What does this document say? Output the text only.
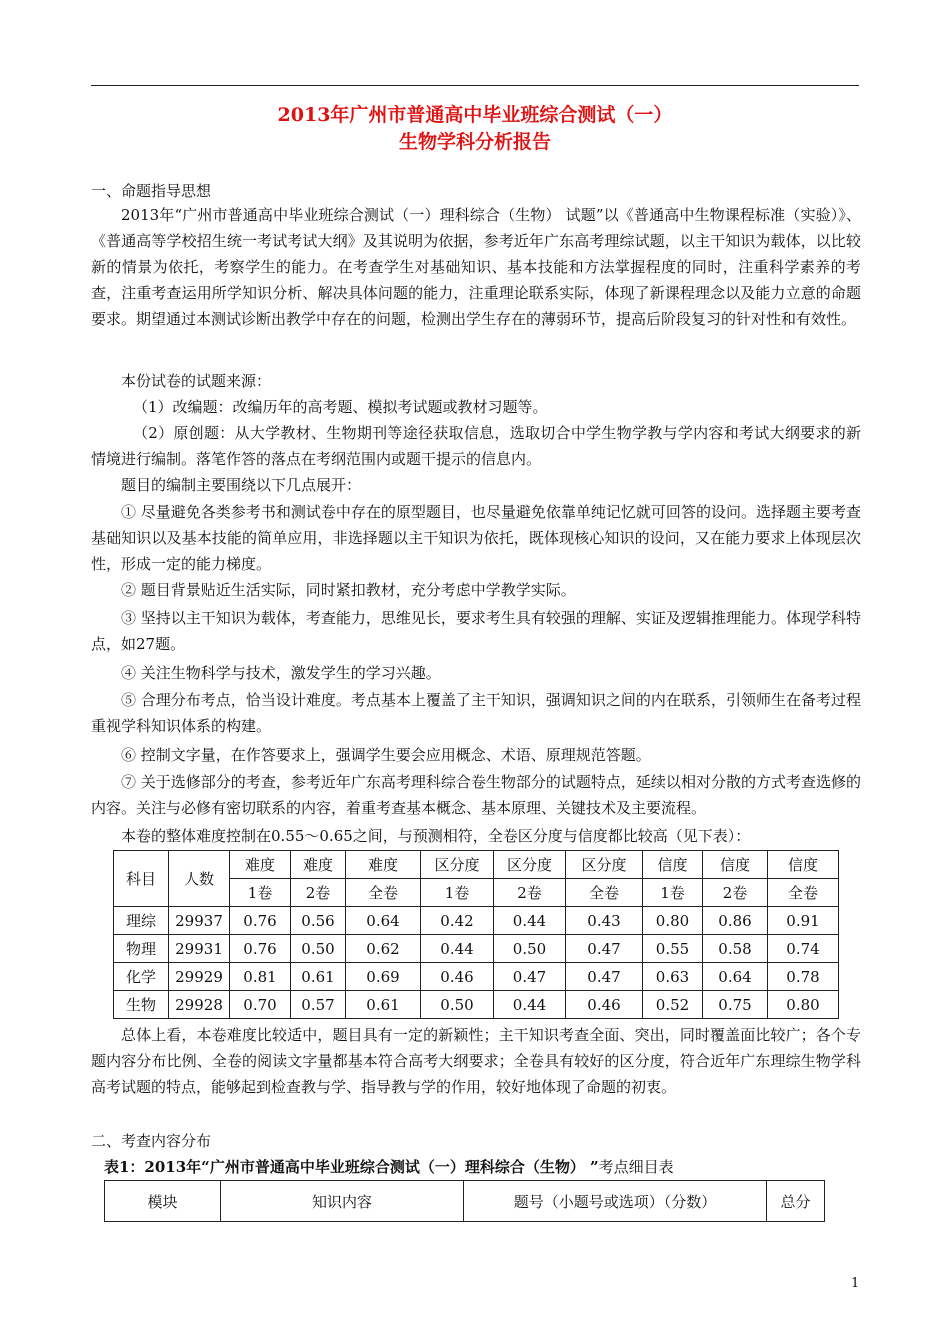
2013年广州市普通高中毕业班综合测试（一）
生物学科分析报告
一、命题指导思想

2013年“广州市普通高中毕业班综合测试（一）理科综合（生物） 试题”以《普通高中生物课程标准（实验）》、《普通高等学校招生统一考试考试大纲》及其说明为依据，参考近年广东高考理综试题，以主干知识为载体，以比较新的情景为依托，考察学生的能力。在考查学生对基础知识、基本技能和方法掌握程度的同时，注重科学素养的考查，注重考查运用所学知识分析、解决具体问题的能力，注重理论联系实际，体现了新课程理念以及能力立意的命题要求。期望通过本测试诊断出教学中存在的问题，检测出学生存在的薄弱环节，提高后阶段复习的针对性和有效性。

本份试卷的试题来源：

（1）改编题：改编历年的高考题、模拟考试题或教材习题等。

（2）原创题：从大学教材、生物期刊等途径获取信息，选取切合中学生物学教与学内容和考试大纲要求的新情境进行编制。落笔作答的落点在考纲范围内或题干提示的信息内。

题目的编制主要围绕以下几点展开：

① 尽量避免各类参考书和测试卷中存在的原型题目，也尽量避免依靠单纯记忆就可回答的设问。选择题主要考查基础知识以及基本技能的简单应用，非选择题以主干知识为依托，既体现核心知识的设问，又在能力要求上体现层次性，形成一定的能力梯度。

② 题目背景贴近生活实际，同时紧扣教材，充分考虑中学教学实际。

③ 坚持以主干知识为载体，考查能力，思维见长，要求考生具有较强的理解、实证及逻辑推理能力。体现学科特点，如27题。

④ 关注生物科学与技术，激发学生的学习兴趣。

⑤ 合理分布考点，恰当设计难度。考点基本上覆盖了主干知识，强调知识之间的内在联系，引领师生在备考过程重视学科知识体系的构建。

⑥ 控制文字量，在作答要求上，强调学生要会应用概念、术语、原理规范答题。

⑦ 关于选修部分的考查，参考近年广东高考理科综合卷生物部分的试题特点，延续以相对分散的方式考查选修的内容。关注与必修有密切联系的内容，着重考查基本概念、基本原理、关键技术及主要流程。

本卷的整体难度控制在0.55～0.65之间，与预测相符，全卷区分度与信度都比较高（见下表）：

科目	人数	难度	难度	难度	区分度	区分度	区分度	信度	信度	信度
		1卷	2卷	全卷	1卷	2卷	全卷	1卷	2卷	全卷
理综	29937	0.76	0.56	0.64	0.42	0.44	0.43	0.80	0.86	0.91
物理	29931	0.76	0.50	0.62	0.44	0.50	0.47	0.55	0.58	0.74
化学	29929	0.81	0.61	0.69	0.46	0.47	0.47	0.63	0.64	0.78
生物	29928	0.70	0.57	0.61	0.50	0.44	0.46	0.52	0.75	0.80

总体上看，本卷难度比较适中，题目具有一定的新颖性；主干知识考查全面、突出，同时覆盖面比较广；各个专题内容分布比例、全卷的阅读文字量都基本符合高考大纲要求；全卷具有较好的区分度，符合近年广东理综生物学科高考试题的特点，能够起到检查教与学、指导教与学的作用，较好地体现了命题的初衷。

二、考查内容分布
表1：2013年“广州市普通高中毕业班综合测试（一）理科综合（生物） ”考点细目表
模块	知识内容	题号（小题号或选项）（分数）	总分
1
